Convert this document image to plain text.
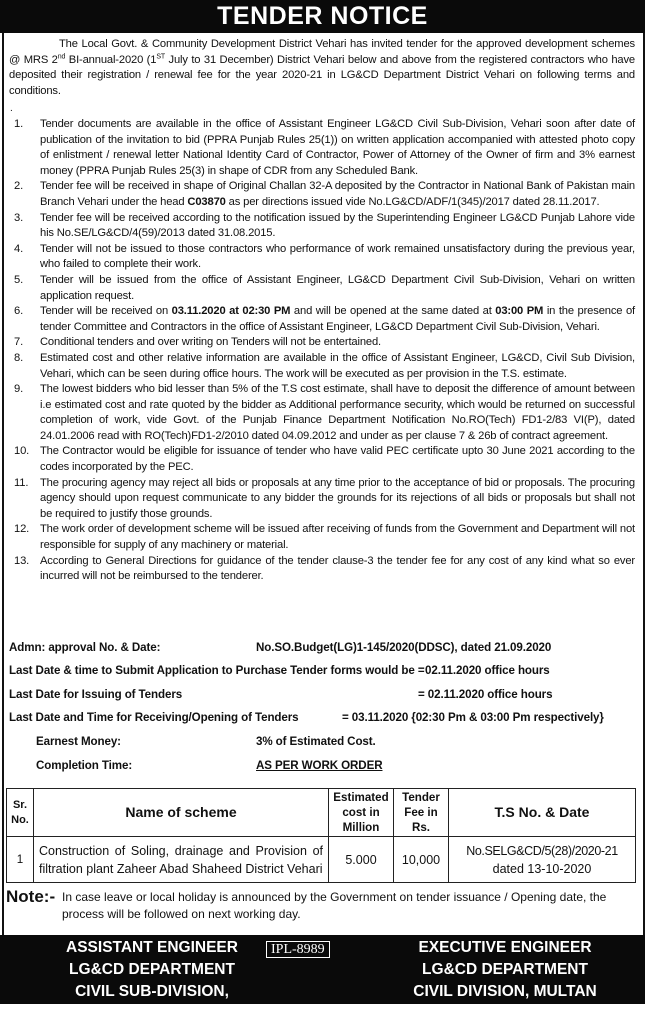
TENDER NOTICE
The Local Govt. & Community Development District Vehari has invited tender for the approved development schemes @ MRS 2nd BI-annual-2020 (1ST July to 31 December) District Vehari below and above from the registered contractors who have deposited their registration / renewal fee for the year 2020-21 in LG&CD Department District Vehari on following terms and conditions.
.
1. Tender documents are available in the office of Assistant Engineer LG&CD Civil Sub-Division, Vehari soon after date of publication of the invitation to bid (PPRA Punjab Rules 25(1)) on written application accompanied with attested photo copy of enlistment / renewal letter National Identity Card of Contractor, Power of Attorney of the Owner of firm and 3% earnest money (PPRA Punjab Rules 25(3) in shape of CDR from any Scheduled Bank.
2. Tender fee will be received in shape of Original Challan 32-A deposited by the Contractor in National Bank of Pakistan main Branch Vehari under the head C03870 as per directions issued vide No.LG&CD/ADF/1(345)/2017 dated 28.11.2017.
3. Tender fee will be received according to the notification issued by the Superintending Engineer LG&CD Punjab Lahore vide his No.SE/LG&CD/4(59)/2013 dated 31.08.2015.
4. Tender will not be issued to those contractors who performance of work remained unsatisfactory during the previous year, who failed to complete their work.
5. Tender will be issued from the office of Assistant Engineer, LG&CD Department Civil Sub-Division, Vehari on written application request.
6. Tender will be received on 03.11.2020 at 02:30 PM and will be opened at the same dated at 03:00 PM in the presence of tender Committee and Contractors in the office of Assistant Engineer, LG&CD Department Civil Sub-Division, Vehari.
7. Conditional tenders and over writing on Tenders will not be entertained.
8. Estimated cost and other relative information are available in the office of Assistant Engineer, LG&CD, Civil Sub Division, Vehari, which can be seen during office hours. The work will be executed as per provision in the T.S. estimate.
9. The lowest bidders who bid lesser than 5% of the T.S cost estimate, shall have to deposit the difference of amount between i.e estimated cost and rate quoted by the bidder as Additional performance security, which would be returned on successful completion of work, vide Govt. of the Punjab Finance Department Notification No.RO(Tech) FD1-2/83 VI(P), dated 24.01.2006 read with RO(Tech)FD1-2/2010 dated 04.09.2012 and under as per clause 7 & 26b of contract agreement.
10. The Contractor would be eligible for issuance of tender who have valid PEC certificate upto 30 June 2021 according to the codes incorporated by the PEC.
11. The procuring agency may reject all bids or proposals at any time prior to the acceptance of bid or proposals. The procuring agency should upon request communicate to any bidder the grounds for its rejections of all bids or proposals but shall not be required to justify those grounds.
12. The work order of development scheme will be issued after receiving of funds from the Government and Department will not responsible for supply of any machinery or material.
13. According to General Directions for guidance of the tender clause-3 the tender fee for any cost of any kind what so ever incurred will not be reimbursed to the tenderer.
Admn: approval No. & Date:	No.SO.Budget(LG)1-145/2020(DDSC), dated 21.09.2020
Last Date & time to Submit Application to Purchase Tender forms would be = 02.11.2020 office hours
Last Date for Issuing of Tenders	= 02.11.2020 office hours
Last Date and Time for Receiving/Opening of Tenders	= 03.11.2020 {02:30 Pm & 03:00 Pm respectively}
Earnest Money:	3% of Estimated Cost.
Completion Time:	AS PER WORK ORDER
Sr. No.	Name of scheme	Estimated cost in Million	Tender Fee in Rs.	T.S No. & Date
1	Construction of Soling, drainage and Provision of filtration plant Zaheer Abad Shaheed District Vehari	5.000	10,000	No.SELG&CD/5(28)/2020-21
dated 13-10-2020
Note:- In case leave or local holiday is announced by the Government on tender issuance / Opening date, the process will be followed on next working day.
ASSISTANT ENGINEER
LG&CD DEPARTMENT
CIVIL SUB-DIVISION, VEHARI
IPL-8989	EXECUTIVE ENGINEER
LG&CD DEPARTMENT
CIVIL DIVISION, MULTAN
